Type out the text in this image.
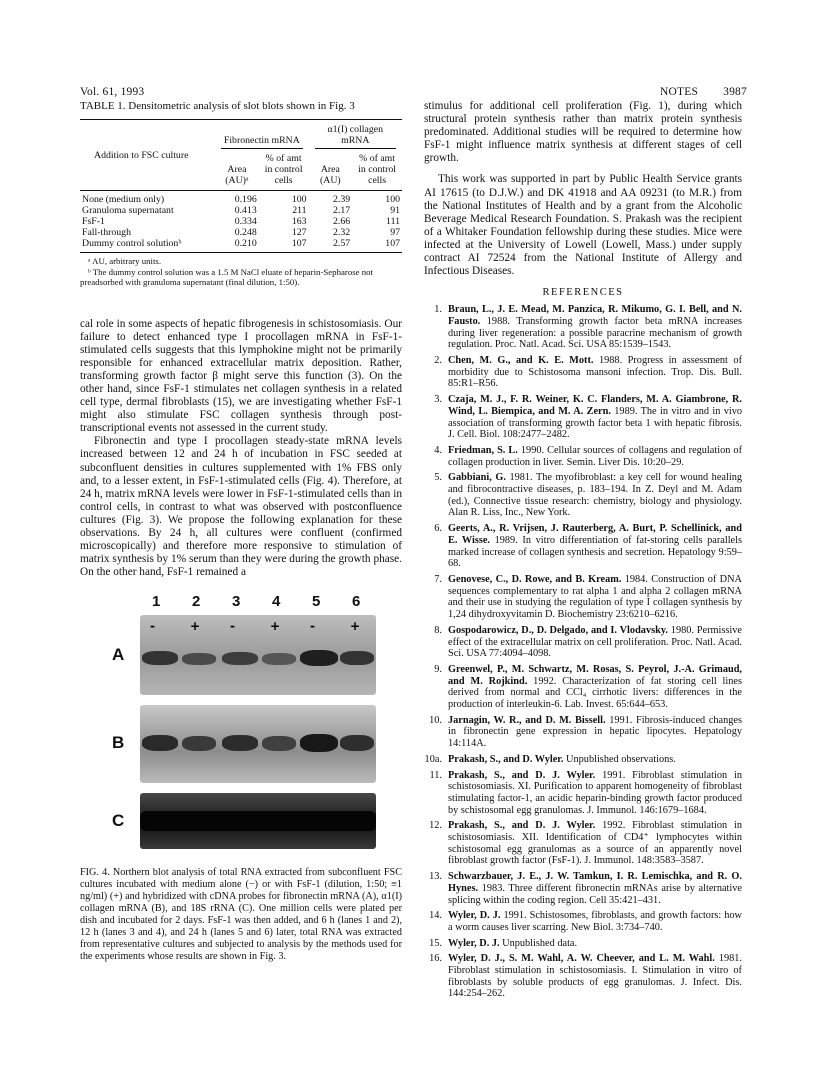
Vol. 61, 1993	NOTES 3987

TABLE 1. Densitometric analysis of slot blots shown in Fig. 3

Addition to FSC culture	Fibronectin mRNA		α1(I) collagen mRNA	

	Area (AU)ᵃ	% of amt in control cells	Area (AU)	% of amt in control cells

None (medium only)	0.196	100	2.39	100
Granuloma supernatant	0.413	211	2.17	91
FsF-1	0.334	163	2.66	111
Fall-through	0.248	127	2.32	97
Dummy control solutionᵇ	0.210	107	2.57	107

ᵃ AU, arbitrary units.

ᵇ The dummy control solution was a 1.5 M NaCl eluate of heparin-Sepharose not preadsorbed with granuloma supernatant (final dilution, 1:50).

cal role in some aspects of hepatic fibrogenesis in schistosomiasis. Our failure to detect enhanced type I procollagen mRNA in FsF-1-stimulated cells suggests that this lymphokine might not be primarily responsible for enhanced extracellular matrix deposition. Rather, transforming growth factor β might serve this function (3). On the other hand, since FsF-1 stimulates net collagen synthesis in a related cell type, dermal fibroblasts (15), we are investigating whether FsF-1 might also stimulate FSC collagen synthesis through post-transcriptional events not assessed in the current study.

Fibronectin and type I procollagen steady-state mRNA levels increased between 12 and 24 h of incubation in FSC seeded at subconfluent densities in cultures supplemented with 1% FBS only and, to a lesser extent, in FsF-1-stimulated cells (Fig. 4). Therefore, at 24 h, matrix mRNA levels were lower in FsF-1-stimulated cells than in control cells, in contrast to what was observed with postconfluence cultures (Fig. 3). We propose the following explanation for these observations. By 24 h, all cultures were confluent (confirmed microscopically) and therefore more responsive to stimulation of matrix synthesis by 1% serum than they were during the growth phase. On the other hand, FsF-1 remained a

1 2 3 4 5 6
A
-	+ -	+ -	+
B
C

FIG. 4. Northern blot analysis of total RNA extracted from subconfluent FSC cultures incubated with medium alone (−) or with FsF-1 (dilution, 1:50; ≡1 ng/ml) (+) and hybridized with cDNA probes for fibronectin mRNA (A), α1(I) collagen mRNA (B), and 18S rRNA (C). One million cells were plated per dish and incubated for 2 days. FsF-1 was then added, and 6 h (lanes 1 and 2), 12 h (lanes 3 and 4), and 24 h (lanes 5 and 6) later, total RNA was extracted from representative cultures and subjected to analysis by the methods used for the experiments whose results are shown in Fig. 3.

stimulus for additional cell proliferation (Fig. 1), during which structural protein synthesis rather than matrix protein synthesis predominated. Additional studies will be required to determine how FsF-1 might influence matrix synthesis at different stages of cell growth.

This work was supported in part by Public Health Service grants AI 17615 (to D.J.W.) and DK 41918 and AA 09231 (to M.R.) from the National Institutes of Health and by a grant from the Alcoholic Beverage Medical Research Foundation. S. Prakash was the recipient of a Whitaker Foundation fellowship during these studies. Mice were infected at the University of Lowell (Lowell, Mass.) under supply contract AI 72524 from the National Institute of Allergy and Infectious Diseases.

REFERENCES

1. Braun, L., J. E. Mead, M. Panzica, R. Mikumo, G. I. Bell, and N. Fausto. 1988. Transforming growth factor beta mRNA increases during liver regeneration: a possible paracrine mechanism of growth regulation. Proc. Natl. Acad. Sci. USA 85:1539–1543.

2. Chen, M. G., and K. E. Mott. 1988. Progress in assessment of morbidity due to Schistosoma mansoni infection. Trop. Dis. Bull. 85:R1–R56.

3. Czaja, M. J., F. R. Weiner, K. C. Flanders, M. A. Giambrone, R. Wind, L. Biempica, and M. A. Zern. 1989. The in vitro and in vivo association of transforming growth factor beta 1 with hepatic fibrosis. J. Cell. Biol. 108:2477–2482.

4. Friedman, S. L. 1990. Cellular sources of collagens and regulation of collagen production in liver. Semin. Liver Dis. 10:20–29.

5. Gabbiani, G. 1981. The myofibroblast: a key cell for wound healing and fibrocontractive diseases, p. 183–194. In Z. Deyl and M. Adam (ed.), Connective tissue research: chemistry, biology and physiology. Alan R. Liss, Inc., New York.

6. Geerts, A., R. Vrijsen, J. Rauterberg, A. Burt, P. Schellinick, and E. Wisse. 1989. In vitro differentiation of fat-storing cells parallels marked increase of collagen synthesis and secretion. Hepatology 9:59–68.

7. Genovese, C., D. Rowe, and B. Kream. 1984. Construction of DNA sequences complementary to rat alpha 1 and alpha 2 collagen mRNA and their use in studying the regulation of type I collagen synthesis by 1,24 dihydroxyvitamin D. Biochemistry 23:6210–6216.

8. Gospodarowicz, D., D. Delgado, and I. Vlodavsky. 1980. Permissive effect of the extracellular matrix on cell proliferation. Proc. Natl. Acad. Sci. USA 77:4094–4098.

9. Greenwel, P., M. Schwartz, M. Rosas, S. Peyrol, J.-A. Grimaud, and M. Rojkind. 1992. Characterization of fat storing cell lines derived from normal and CCl₄ cirrhotic livers: differences in the production of interleukin-6. Lab. Invest. 65:644–653.

10. Jarnagin, W. R., and D. M. Bissell. 1991. Fibrosis-induced changes in fibronectin gene expression in hepatic lipocytes. Hepatology 14:114A.

10a. Prakash, S., and D. Wyler. Unpublished observations.

11. Prakash, S., and D. J. Wyler. 1991. Fibroblast stimulation in schistosomiasis. XI. Purification to apparent homogeneity of fibroblast stimulating factor-1, an acidic heparin-binding growth factor produced by schistosomal egg granulomas. J. Immunol. 146:1679–1684.

12. Prakash, S., and D. J. Wyler. 1992. Fibroblast stimulation in schistosomiasis. XII. Identification of CD4⁺ lymphocytes within schistosomal egg granulomas as a source of an apparently novel fibroblast growth factor (FsF-1). J. Immunol. 148:3583–3587.

13. Schwarzbauer, J. E., J. W. Tamkun, I. R. Lemischka, and R. O. Hynes. 1983. Three different fibronectin mRNAs arise by alternative splicing within the coding region. Cell 35:421–431.

14. Wyler, D. J. 1991. Schistosomes, fibroblasts, and growth factors: how a worm causes liver scarring. New Biol. 3:734–740.

15. Wyler, D. J. Unpublished data.

16. Wyler, D. J., S. M. Wahl, A. W. Cheever, and L. M. Wahl. 1981. Fibroblast stimulation in schistosomiasis. I. Stimulation in vitro of fibroblasts by soluble products of egg granulomas. J. Infect. Dis. 144:254–262.
